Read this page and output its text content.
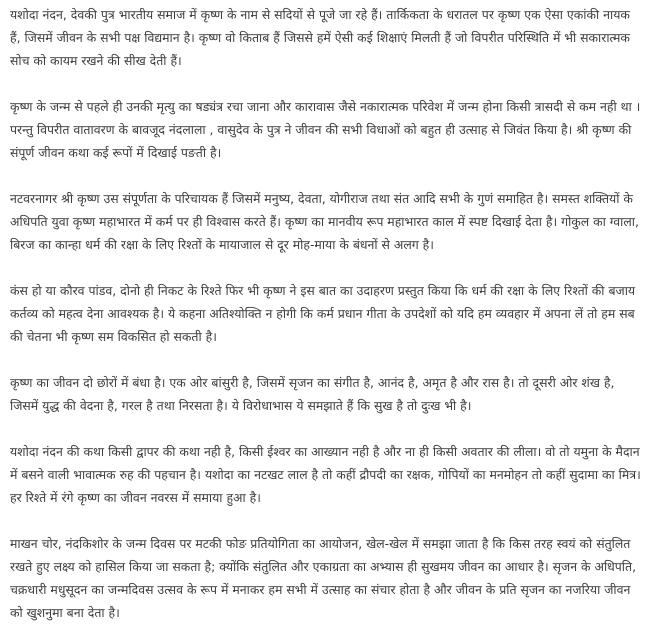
यशोदा नंदन, देवकी पुत्र भारतीय समाज में कृष्ण के नाम से सदियों से पूजे जा रहे हैं। तार्किकता के धरातल पर कृष्ण एक ऐसा एकांकी नायक हैं, जिसमें जीवन के सभी पक्ष विद्यमान है। कृष्ण वो किताब हैं जिससे हमें ऐसी कई शिक्षाएं मिलती हैं जो विपरीत परिस्थिति में भी सकारात्मक सोच को कायम रखने की सीख देती हैं।

कृष्ण के जन्म से पहले ही उनकी मृत्यु का षड्यंत्र रचा जाना और कारावास जैसे नकारात्मक परिवेश में जन्म होना किसी त्रासदी से कम नही था । परन्तु विपरीत वातावरण के बावजूद नंदलाला , वासुदेव के पुत्र ने जीवन की सभी विधाओं को बहुत ही उत्साह से जिवंत किया है। श्री कृष्ण की संपूर्ण जीवन कथा कई रूपों में दिखाई पङती है।

नटवरनागर श्री कृष्ण उस संपूर्णता के परिचायक हैं जिसमें मनुष्य, देवता, योगीराज तथा संत आदि सभी के गुणं समाहित है। समस्त शक्तियों के अधिपति युवा कृष्ण महाभारत में कर्म पर ही विश्वास करते हैं। कृष्ण का मानवीय रूप महाभारत काल में स्पष्ट दिखाई देता है। गोकुल का ग्वाला, बिरज का कान्हा धर्म की रक्षा के लिए रिश्तों के मायाजाल से दूर मोह-माया के बंधनों से अलग है।

कंस हो या कौरव पांडव, दोनो ही निकट के रिश्ते फिर भी कृष्ण ने इस बात का उदाहरण प्रस्तुत किया कि धर्म की रक्षा के लिए रिश्तों की बजाय कर्तव्य को महत्व देना आवश्यक है। ये कहना अतिश्योक्ति न होगी कि कर्म प्रधान गीता के उपदेशों को यदि हम व्यवहार में अपना लें तो हम सब की चेतना भी कृष्ण सम विकसित हो सकती है।

कृष्ण का जीवन दो छोरों में बंधा है। एक ओर बांसुरी है, जिसमें सृजन का संगीत है, आनंद है, अमृत है और रास है। तो दूसरी ओर शंख है, जिसमें युद्ध की वेदना है, गरल है तथा निरसता है। ये विरोधाभास ये समझाते हैं कि सुख है तो दुःख भी है।

यशोदा नंदन की कथा किसी द्वापर की कथा नही है, किसी ईश्वर का आख्यान नही है और ना ही किसी अवतार की लीला। वो तो यमुना के मैदान में बसने वाली भावात्मक रुह की पहचान है। यशोदा का नटखट लाल है तो कहीं द्रौपदी का रक्षक, गोपियों का मनमोहन तो कहीं सुदामा का मित्र। हर रिश्ते में रंगे कृष्ण का जीवन नवरस में समाया हुआ है।

माखन चोर, नंदकिशोर के जन्म दिवस पर मटकी फोङ प्रतियोगिता का आयोजन, खेल-खेल में समझा जाता है कि किस तरह स्वयं को संतुलित रखते हुए लक्ष्य को हासिल किया जा सकता है; क्योंकि संतुलित और एकाग्रता का अभ्यास ही सुखमय जीवन का आधार है। सृजन के अधिपति, चक्रधारी मधुसूदन का जन्मदिवस उत्सव के रूप में मनाकर हम सभी में उत्साह का संचार होता है और जीवन के प्रति सृजन का नजरिया जीवन को खुशनुमा बना देता है।
